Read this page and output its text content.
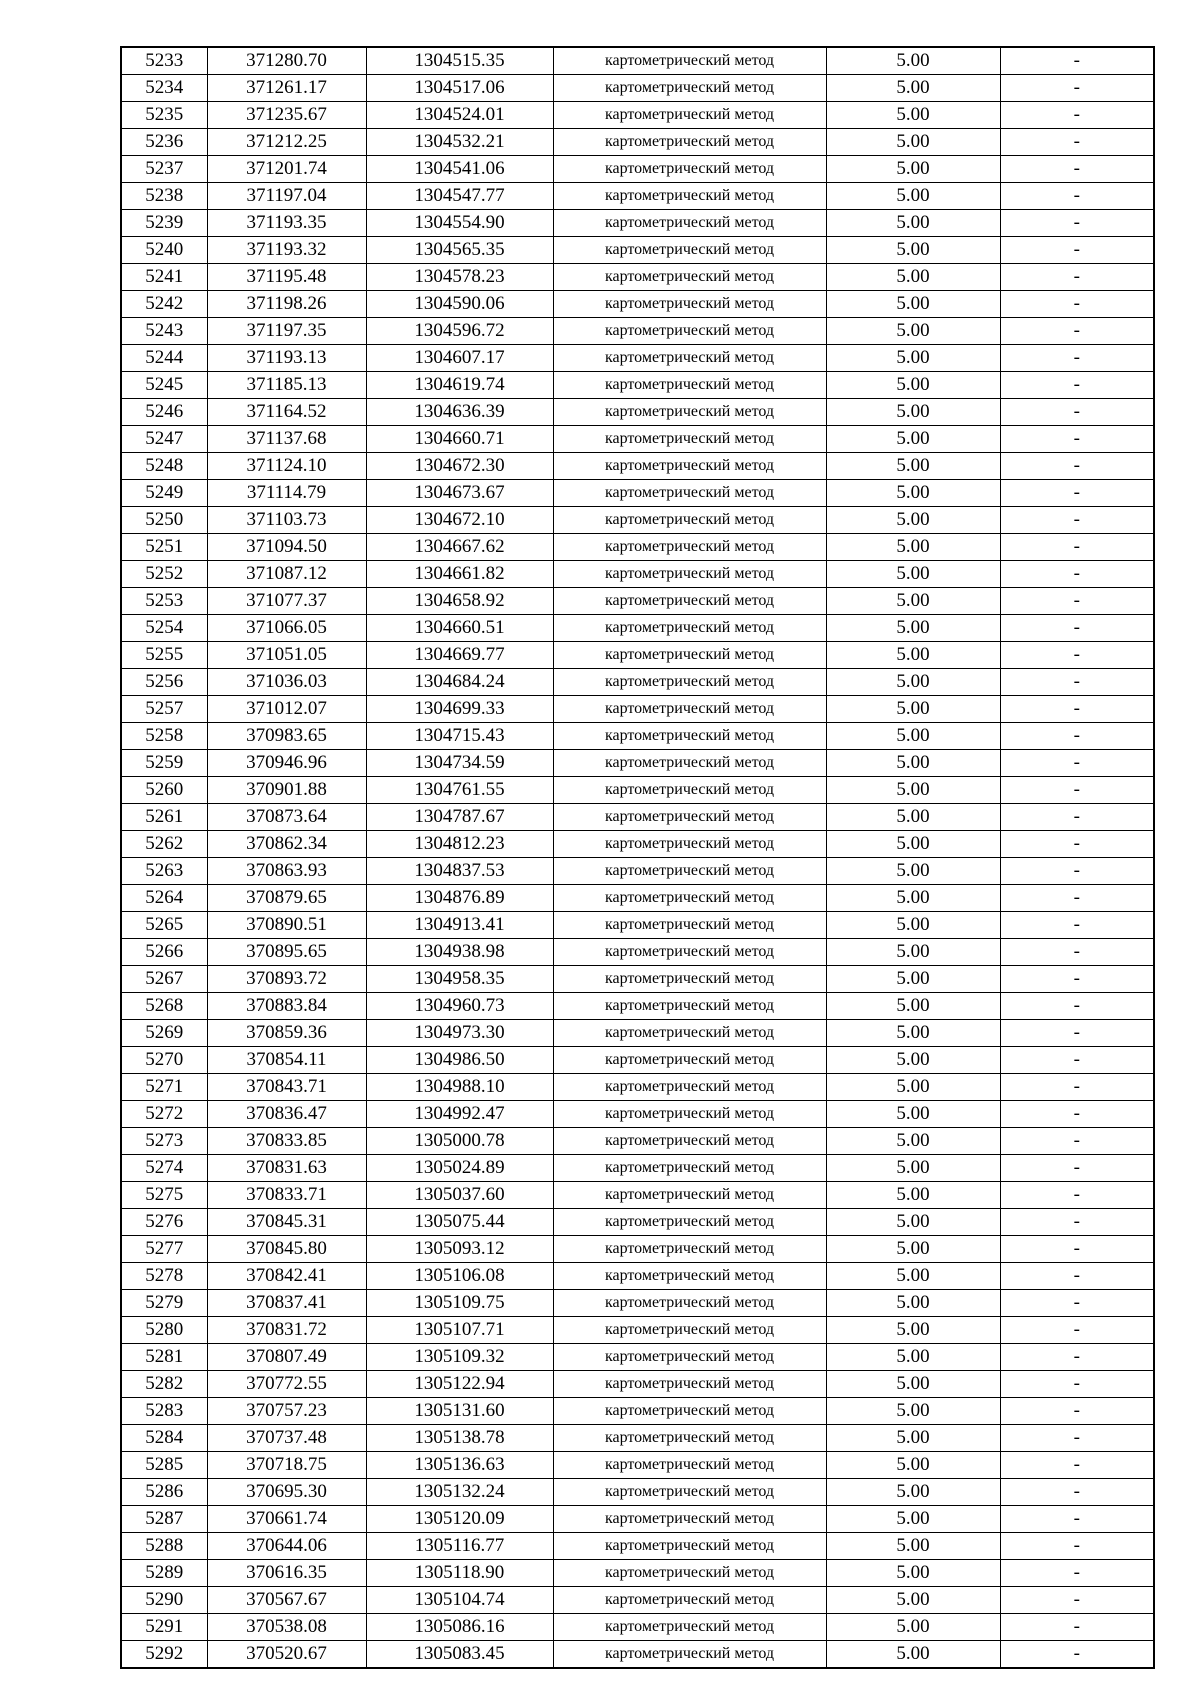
5233	371280.70	1304515.35	картометрический метод	5.00	-
5234	371261.17	1304517.06	картометрический метод	5.00	-
5235	371235.67	1304524.01	картометрический метод	5.00	-
5236	371212.25	1304532.21	картометрический метод	5.00	-
5237	371201.74	1304541.06	картометрический метод	5.00	-
5238	371197.04	1304547.77	картометрический метод	5.00	-
5239	371193.35	1304554.90	картометрический метод	5.00	-
5240	371193.32	1304565.35	картометрический метод	5.00	-
5241	371195.48	1304578.23	картометрический метод	5.00	-
5242	371198.26	1304590.06	картометрический метод	5.00	-
5243	371197.35	1304596.72	картометрический метод	5.00	-
5244	371193.13	1304607.17	картометрический метод	5.00	-
5245	371185.13	1304619.74	картометрический метод	5.00	-
5246	371164.52	1304636.39	картометрический метод	5.00	-
5247	371137.68	1304660.71	картометрический метод	5.00	-
5248	371124.10	1304672.30	картометрический метод	5.00	-
5249	371114.79	1304673.67	картометрический метод	5.00	-
5250	371103.73	1304672.10	картометрический метод	5.00	-
5251	371094.50	1304667.62	картометрический метод	5.00	-
5252	371087.12	1304661.82	картометрический метод	5.00	-
5253	371077.37	1304658.92	картометрический метод	5.00	-
5254	371066.05	1304660.51	картометрический метод	5.00	-
5255	371051.05	1304669.77	картометрический метод	5.00	-
5256	371036.03	1304684.24	картометрический метод	5.00	-
5257	371012.07	1304699.33	картометрический метод	5.00	-
5258	370983.65	1304715.43	картометрический метод	5.00	-
5259	370946.96	1304734.59	картометрический метод	5.00	-
5260	370901.88	1304761.55	картометрический метод	5.00	-
5261	370873.64	1304787.67	картометрический метод	5.00	-
5262	370862.34	1304812.23	картометрический метод	5.00	-
5263	370863.93	1304837.53	картометрический метод	5.00	-
5264	370879.65	1304876.89	картометрический метод	5.00	-
5265	370890.51	1304913.41	картометрический метод	5.00	-
5266	370895.65	1304938.98	картометрический метод	5.00	-
5267	370893.72	1304958.35	картометрический метод	5.00	-
5268	370883.84	1304960.73	картометрический метод	5.00	-
5269	370859.36	1304973.30	картометрический метод	5.00	-
5270	370854.11	1304986.50	картометрический метод	5.00	-
5271	370843.71	1304988.10	картометрический метод	5.00	-
5272	370836.47	1304992.47	картометрический метод	5.00	-
5273	370833.85	1305000.78	картометрический метод	5.00	-
5274	370831.63	1305024.89	картометрический метод	5.00	-
5275	370833.71	1305037.60	картометрический метод	5.00	-
5276	370845.31	1305075.44	картометрический метод	5.00	-
5277	370845.80	1305093.12	картометрический метод	5.00	-
5278	370842.41	1305106.08	картометрический метод	5.00	-
5279	370837.41	1305109.75	картометрический метод	5.00	-
5280	370831.72	1305107.71	картометрический метод	5.00	-
5281	370807.49	1305109.32	картометрический метод	5.00	-
5282	370772.55	1305122.94	картометрический метод	5.00	-
5283	370757.23	1305131.60	картометрический метод	5.00	-
5284	370737.48	1305138.78	картометрический метод	5.00	-
5285	370718.75	1305136.63	картометрический метод	5.00	-
5286	370695.30	1305132.24	картометрический метод	5.00	-
5287	370661.74	1305120.09	картометрический метод	5.00	-
5288	370644.06	1305116.77	картометрический метод	5.00	-
5289	370616.35	1305118.90	картометрический метод	5.00	-
5290	370567.67	1305104.74	картометрический метод	5.00	-
5291	370538.08	1305086.16	картометрический метод	5.00	-
5292	370520.67	1305083.45	картометрический метод	5.00	-
